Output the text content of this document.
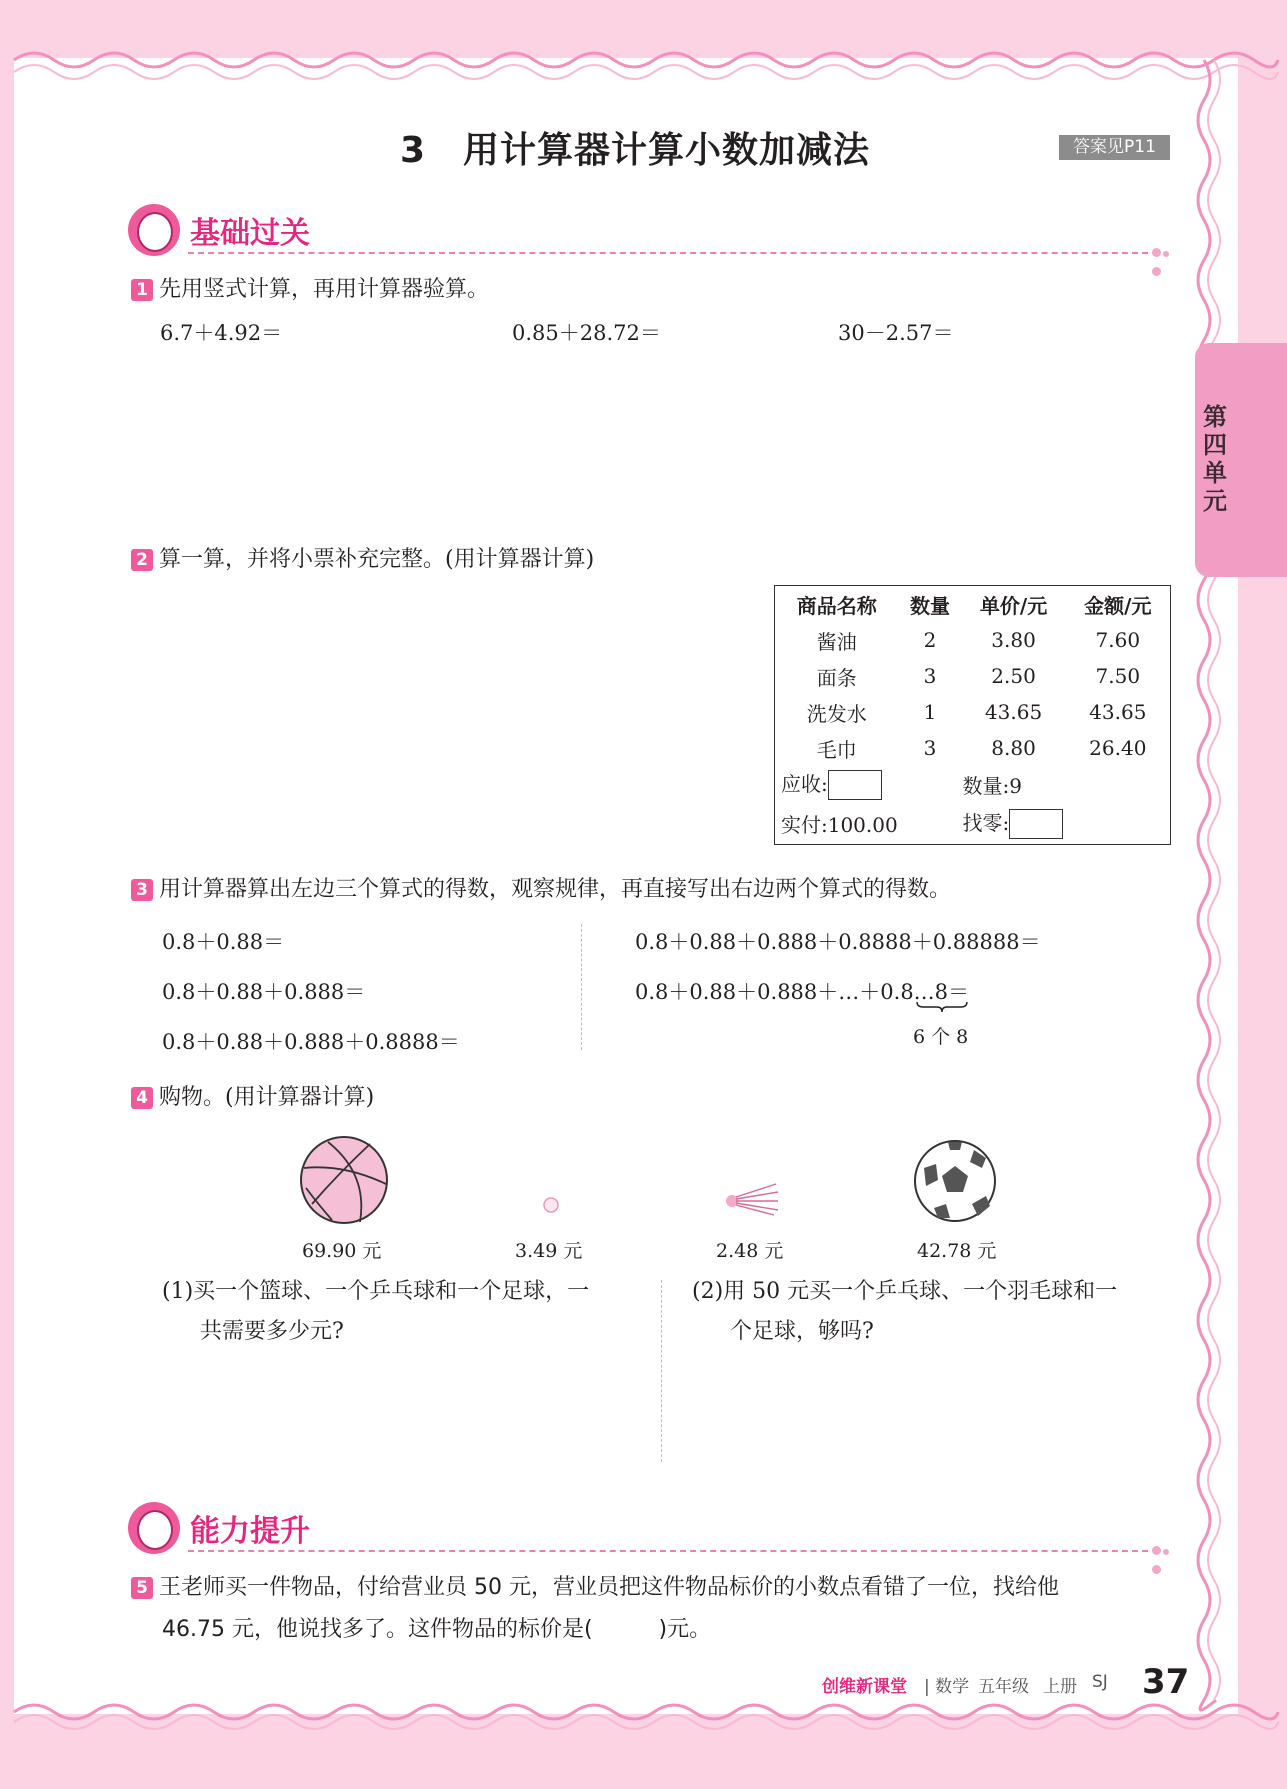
第四单元
3　用计算器计算小数加减法	答案见P11
基础过关
1 先用竖式计算，再用计算器验算。
6.7＋4.92＝	0.85＋28.72＝	30－2.57＝
2 算一算，并将小票补充完整。(用计算器计算)
商品名称	数量	单价/元	金额/元
酱油	2	3.80	7.60
面条	3	2.50	7.50
洗发水	1	43.65	43.65
毛巾	3	8.80	26.40
应收:		数量:9	
实付:100.00		找零:	
3 用计算器算出左边三个算式的得数，观察规律，再直接写出右边两个算式的得数。
0.8＋0.88＝
0.8＋0.88＋0.888＝
0.8＋0.88＋0.888＋0.8888＝
0.8＋0.88＋0.888＋0.8888＋0.88888＝
0.8＋0.88＋0.888＋…＋0.8…8＝
6 个 8
4 购物。(用计算器计算)
69.90 元	3.49 元	2.48 元	42.78 元
(1)买一个篮球、一个乒乓球和一个足球，一
共需要多少元?
(2)用 50 元买一个乒乓球、一个羽毛球和一
个足球，够吗?
能力提升
5 王老师买一件物品，付给营业员 50 元，营业员把这件物品标价的小数点看错了一位，找给他
46.75 元，他说找多了。这件物品的标价是(　　　)元。
创维新课堂 | 数学 五年级 上册 SJ 37
